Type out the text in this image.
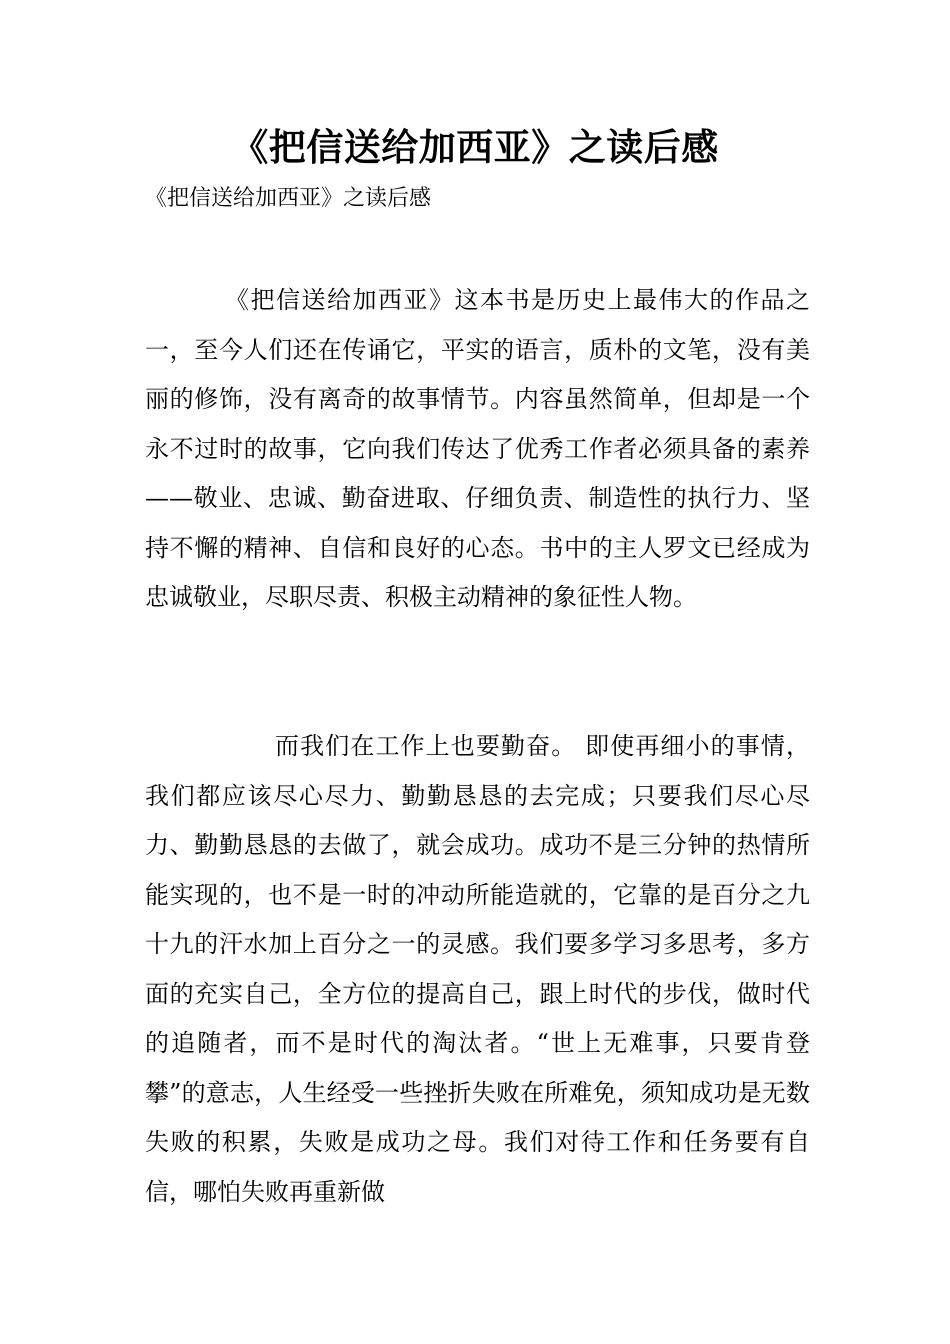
《把信送给加西亚》之读后感

《把信送给加西亚》之读后感

《把信送给加西亚》这本书是历史上最伟大的作品之一，至今人们还在传诵它，平实的语言，质朴的文笔，没有美丽的修饰，没有离奇的故事情节。内容虽然简单，但却是一个永不过时的故事，它向我们传达了优秀工作者必须具备的素养——敬业、忠诚、勤奋进取、仔细负责、制造性的执行力、坚持不懈的精神、自信和良好的心态。书中的主人罗文已经成为忠诚敬业，尽职尽责、积极主动精神的象征性人物。

而我们在工作上也要勤奋。 即使再细小的事情，我们都应该尽心尽力、勤勤恳恳的去完成；只要我们尽心尽力、勤勤恳恳的去做了，就会成功。成功不是三分钟的热情所能实现的，也不是一时的冲动所能造就的，它靠的是百分之九十九的汗水加上百分之一的灵感。我们要多学习多思考，多方面的充实自己，全方位的提高自己，跟上时代的步伐，做时代的追随者，而不是时代的淘汰者。“世上无难事，只要肯登攀”的意志，人生经受一些挫折失败在所难免，须知成功是无数失败的积累，失败是成功之母。我们对待工作和任务要有自信，哪怕失败再重新做
